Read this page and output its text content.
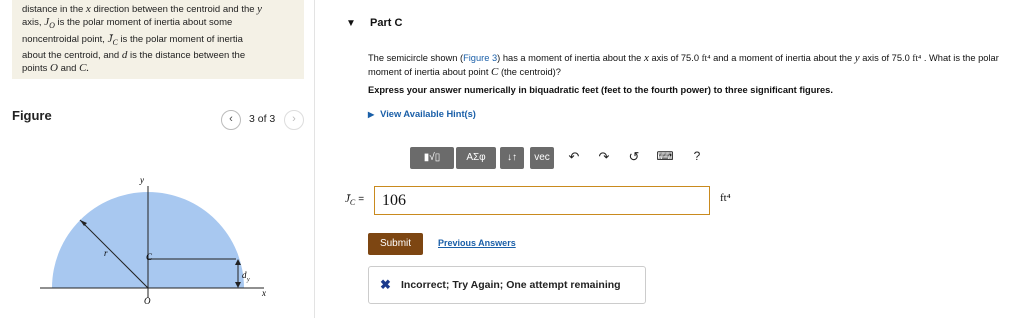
distance in the x direction between the centroid and the y
axis, $J_O$ is the polar moment of inertia about some
noncentroidal point, $J̄_C$ is the polar moment of inertia
about the centroid, and d is the distance between the
points O and C.
Figure	‹	3 of 3	›
y
x
r	C
O
d y
▼ Part C
The semicircle shown (Figure 3) has a moment of inertia about the x axis of 75.0 ft⁴ and a moment of inertia about the y axis of 75.0 ft⁴ . What is the polar moment of inertia about point C (the centroid)?
Express your answer numerically in biquadratic feet (feet to the fourth power) to three significant figures.
▶ View Available Hint(s)
▮√▯	ΑΣφ	↓↑	vec	↶ ↷ ↺ ⌨	?
$J̄_C$ =
106	ft⁴
Submit	Previous Answers
✖ Incorrect; Try Again; One attempt remaining
